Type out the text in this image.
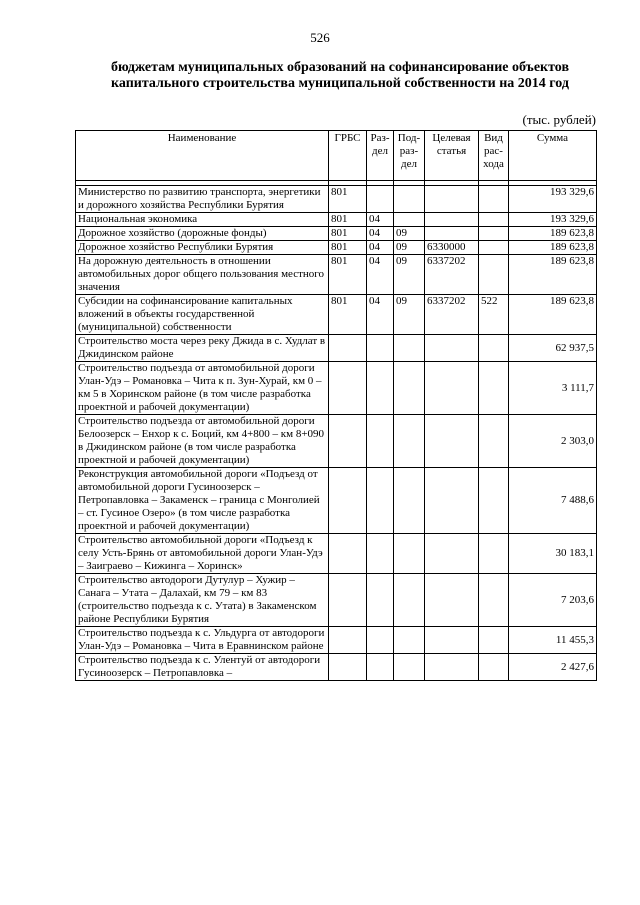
526
бюджетам муниципальных образований на софинансирование объектов капитального строительства муниципальной собственности на 2014 год
(тыс. рублей)
Наименование	ГРБС	Раз-дел	Под-раз-дел	Целевая статья	Вид рас-хода	Сумма

Министерство по развитию транспорта, энергетики и дорожного хозяйства Республики Бурятия	801					193 329,6
Национальная экономика	801	04				193 329,6
Дорожное хозяйство (дорожные фонды)	801	04	09			189 623,8
Дорожное хозяйство Республики Бурятия	801	04	09	6330000		189 623,8
На дорожную деятельность в отношении автомобильных дорог общего пользования местного значения	801	04	09	6337202		189 623,8
Субсидии на софинансирование капитальных вложений в объекты государственной (муниципальной) собственности	801	04	09	6337202	522	189 623,8
Строительство моста через реку Джида в с. Худлат в Джидинском районе						62 937,5
Строительство подъезда от автомобильной дороги Улан-Удэ – Романовка – Чита к п. Зун-Хурай, км 0 – км 5 в Хоринском районе (в том числе разработка проектной и рабочей документации)						3 111,7
Строительство подъезда от автомобильной дороги Белоозерск – Енхор к с. Боций, км 4+800 – км 8+090 в Джидинском районе (в том числе разработка проектной и рабочей документации)						2 303,0
Реконструкция автомобильной дороги «Подъезд от автомобильной дороги Гусиноозерск – Петропавловка – Закаменск – граница с Монголией – ст. Гусиное Озеро» (в том числе разработка проектной и рабочей документации)						7 488,6
Строительство автомобильной дороги «Подъезд к селу Усть-Брянь от автомобильной дороги Улан-Удэ – Заиграево – Кижинга – Хоринск»						30 183,1
Строительство автодороги Дутулур – Хужир – Санага – Утата – Далахай, км 79 – км 83 (строительство подъезда к с. Утата) в Закаменском районе Республики Бурятия						7 203,6
Строительство подъезда к с. Ульдурга от автодороги Улан-Удэ – Романовка – Чита в Еравнинском районе						11 455,3
Строительство подъезда к с. Улентуй от автодороги Гусиноозерск – Петропавловка –						2 427,6
